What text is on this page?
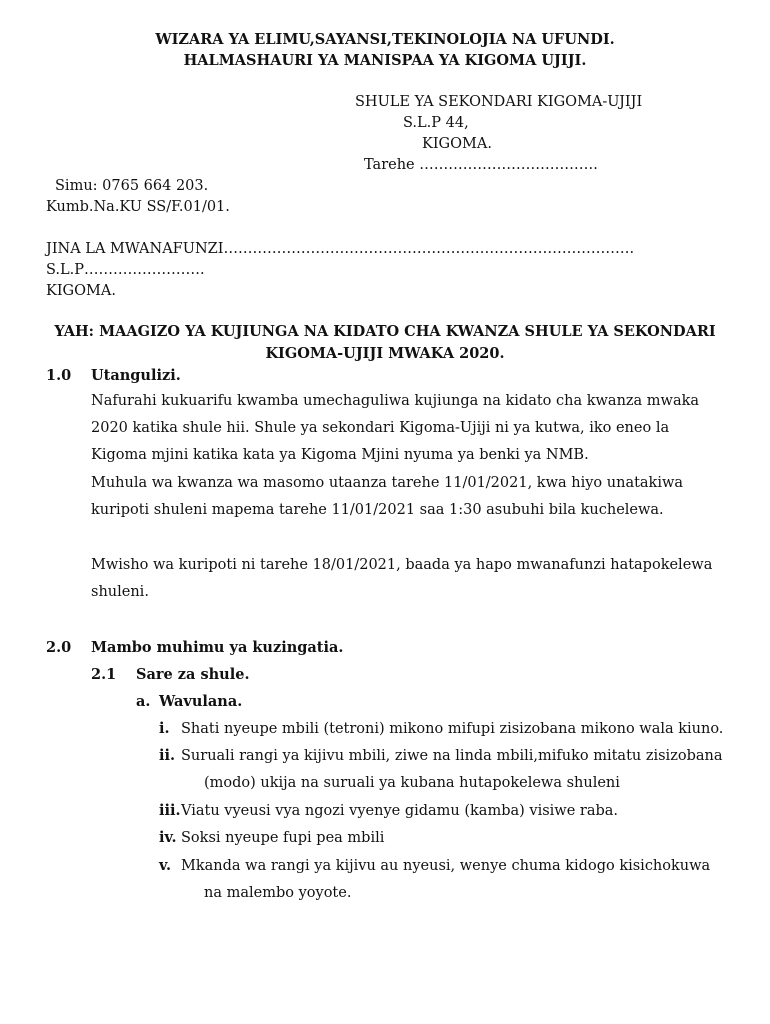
WIZARA YA ELIMU,SAYANSI,TEKINOLOJIA NA UFUNDI.
HALMASHAURI YA MANISPAA YA KIGOMA UJIJI.
SHULE YA SEKONDARI KIGOMA-UJIJI
S.L.P 44,
KIGOMA.
Tarehe ……………………………….
Simu: 0765 664 203.
Kumb.Na.KU SS/F.01/01.
JINA LA MWANAFUNZI………………………………………………………………………….
S.L.P…………………….
KIGOMA.
YAH: MAAGIZO YA KUJIUNGA NA KIDATO CHA KWANZA SHULE YA SEKONDARI
KIGOMA-UJIJI MWAKA 2020.
1.0 Utangulizi.
Nafurahi kukuarifu kwamba umechaguliwa kujiunga na kidato cha kwanza mwaka
2020 katika shule hii. Shule ya sekondari Kigoma-Ujiji ni ya kutwa, iko eneo la
Kigoma mjini katika kata ya Kigoma Mjini nyuma ya benki ya NMB.
Muhula wa kwanza wa masomo utaanza tarehe 11/01/2021, kwa hiyo unatakiwa
kuripoti shuleni mapema tarehe 11/01/2021 saa 1:30 asubuhi bila kuchelewa.
Mwisho wa kuripoti ni tarehe 18/01/2021, baada ya hapo mwanafunzi hatapokelewa
shuleni.
2.0 Mambo muhimu ya kuzingatia.
2.1 Sare za shule.
a. Wavulana.
i. Shati nyeupe mbili (tetroni) mikono mifupi zisizobana mikono wala kiuno.
ii. Suruali rangi ya kijivu mbili, ziwe na linda mbili,mifuko mitatu zisizobana
(modo) ukija na suruali ya kubana hutapokelewa shuleni
iii.Viatu vyeusi vya ngozi vyenye gidamu (kamba) visiwe raba.
iv. Soksi nyeupe fupi pea mbili
v. Mkanda wa rangi ya kijivu au nyeusi, wenye chuma kidogo kisichokuwa
na malembo yoyote.
